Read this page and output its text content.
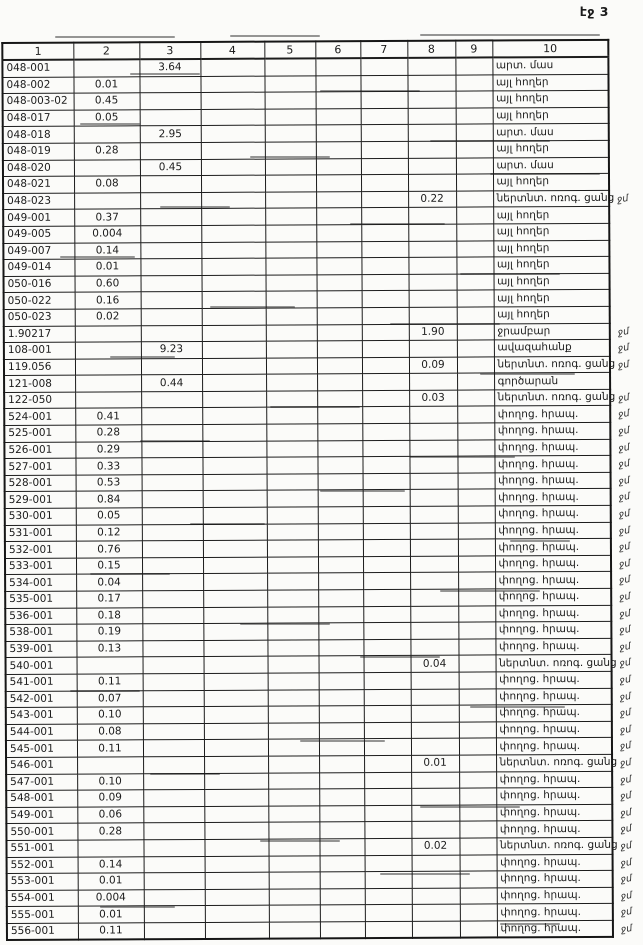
էջ 3
1	2	3	4	5	6	7	8	9	10
048-001		3.64							արտ. մաս
048-002	0.01								այլ հողեր
048-003-02	0.45								այլ հողեր
048-017	0.05								այլ հողեր
048-018		2.95							արտ. մաս
048-019	0.28								այլ հողեր
048-020		0.45							արտ. մաս
048-021	0.08								այլ հողեր
048-023							0.22		ներտնտ. ոռոգ. ցանց ջմ

049-001	0.37								այլ հողեր
049-005	0.004								այլ հողեր
049-007	0.14								այլ հողեր
049-014	0.01								այլ հողեր
050-016	0.60								այլ հողեր
050-022	0.16								այլ հողեր
050-023	0.02								այլ հողեր
1.90217							1.90		ջրամբար ջմ

108-001		9.23							ավազահանք ջմ

119.056							0.09		ներտնտ. ոռոգ. ցանց ջմ

121-008		0.44							գործարան
122-050							0.03		ներտնտ. ոռոգ. ցանց ջմ

524-001	0.41								փողոց. հրապ. ջմ

525-001	0.28								փողոց. հրապ. ջմ

526-001	0.29								փողոց. հրապ. ջմ

527-001	0.33								փողոց. հրապ. ջմ

528-001	0.53								փողոց. հրապ. ջմ

529-001	0.84								փողոց. հրապ. ջմ

530-001	0.05								փողոց. հրապ. ջմ

531-001	0.12								փողոց. հրապ. ջմ

532-001	0.76								փողոց. հրապ. ջմ

533-001	0.15								փողոց. հրապ. ջմ

534-001	0.04								փողոց. հրապ. ջմ

535-001	0.17								փողոց. հրապ. ջմ

536-001	0.18								փողոց. հրապ. ջմ

538-001	0.19								փողոց. հրապ. ջմ

539-001	0.13								փողոց. հրապ. ջմ

540-001							0.04		ներտնտ. ոռոգ. ցանց ջմ

541-001	0.11								փողոց. հրապ. ջմ

542-001	0.07								փողոց. հրապ. ջմ

543-001	0.10								փողոց. հրապ. ջմ

544-001	0.08								փողոց. հրապ. ջմ

545-001	0.11								փողոց. հրապ. ջմ

546-001							0.01		ներտնտ. ոռոգ. ցանց ջմ

547-001	0.10								փողոց. հրապ. ջմ

548-001	0.09								փողոց. հրապ. ջմ

549-001	0.06								փողոց. հրապ. ջմ

550-001	0.28								փողոց. հրապ. ջմ

551-001							0.02		ներտնտ. ոռոգ. ցանց ջմ

552-001	0.14								փողոց. հրապ. ջմ

553-001	0.01								փողոց. հրապ. ջմ

554-001	0.004								փողոց. հրապ. ջմ

555-001	0.01								փողոց. հրապ. ջմ

556-001	0.11								փողոց. հրապ. ջմ
